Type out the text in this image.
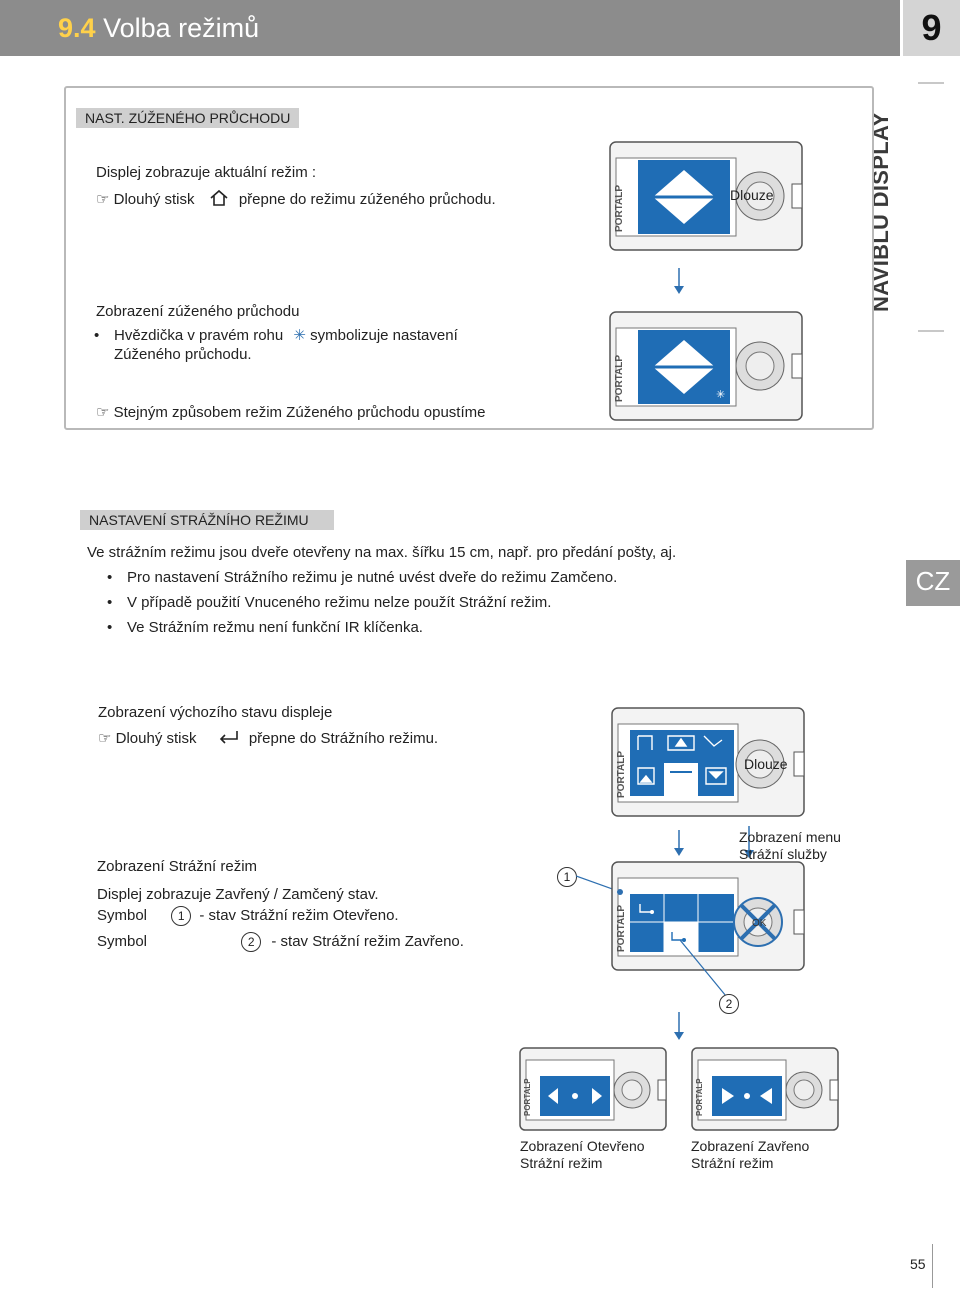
9.4 Volba režimů	9
NAVIBLU DISPLAY
CZ
NAST. ZÚŽENÉHO PRŮCHODU
Displej zobrazuje aktuální režim :
☞ Dlouhý stisk	přepne do režimu zúženého průchodu.
Zobrazení zúženého průchodu
• Hvězdička v pravém rohu ✳ symbolizuje nastavení
Zúženého průchodu.
☞ Stejným způsobem režim Zúženého průchodu opustíme
PORTALP	Dlouze
✳
PORTALP
NASTAVENÍ STRÁŽNÍHO REŽIMU
Ve strážním režimu jsou dveře otevřeny na max. šířku 15 cm, např. pro předání pošty, aj.
• Pro nastavení Strážního režimu je nutné uvést dveře do režimu Zamčeno.
• V případě použití Vnuceného režimu nelze použít Strážní režim.
• Ve Strážním režmu není funkční IR klíčenka.
Zobrazení výchozího stavu displeje
☞ Dlouhý stisk	přepne do Strážního režimu.
PORTALP	Dlouze
Zobrazení menu
Strážní služby
Zobrazení Strážní režim
Displej zobrazuje Zavřený / Zamčený stav.
Symbol	1 - stav Strážní režim Otevřeno.
Symbol	2 - stav Strážní režim Zavřeno.
1
OK
PORTALP
2
PORTALP	PORTALP
Zobrazení Otevřeno
Strážní režim
Zobrazení Zavřeno
Strážní režim
55
